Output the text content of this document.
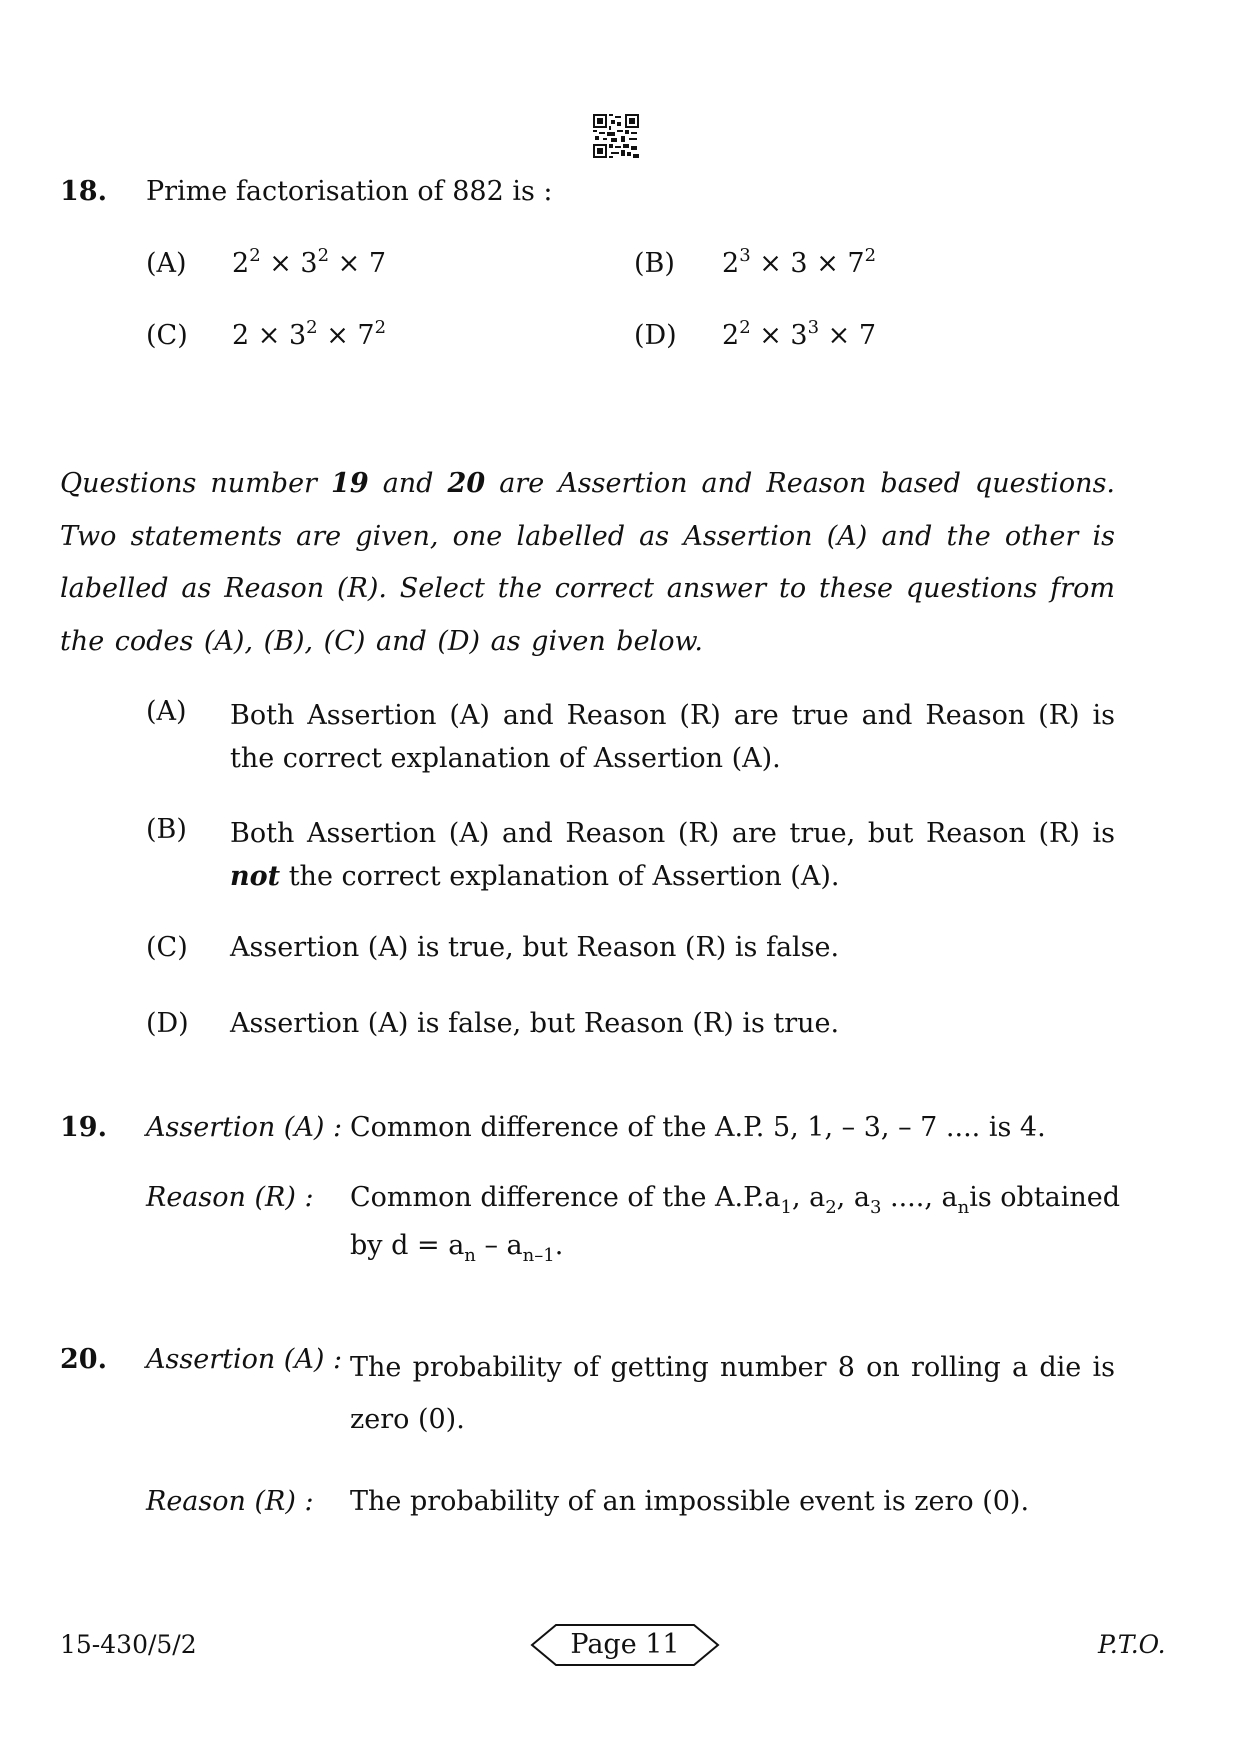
18. Prime factorisation of 882 is :
(A) $2^2 \times 3^2 \times 7$	(B) $2^3 \times 3 \times 7^2$
(C) $2 \times 3^2 \times 7^2$	(D) $2^2 \times 3^3 \times 7$
Questions number 19 and 20 are Assertion and Reason based questions. Two statements are given, one labelled as Assertion (A) and the other is labelled as Reason (R). Select the correct answer to these questions from the codes (A), (B), (C) and (D) as given below.
(A) Both Assertion (A) and Reason (R) are true and Reason (R) is the correct explanation of Assertion (A).
(B) Both Assertion (A) and Reason (R) are true, but Reason (R) is not the correct explanation of Assertion (A).
(C) Assertion (A) is true, but Reason (R) is false.
(D) Assertion (A) is false, but Reason (R) is true.
19. Assertion (A) : Common difference of the A.P. 5, 1, – 3, – 7 .... is 4.
Reason (R) : Common difference of the A.P. $a_1$, $a_2$, $a_3$ ...., $a_n$ is obtained
by $d = a_n - a_{n-1}$.
20. Assertion (A) : The probability of getting number 8 on rolling a die is zero (0).
Reason (R) : The probability of an impossible event is zero (0).
15-430/5/2	Page 11	P.T.O.
